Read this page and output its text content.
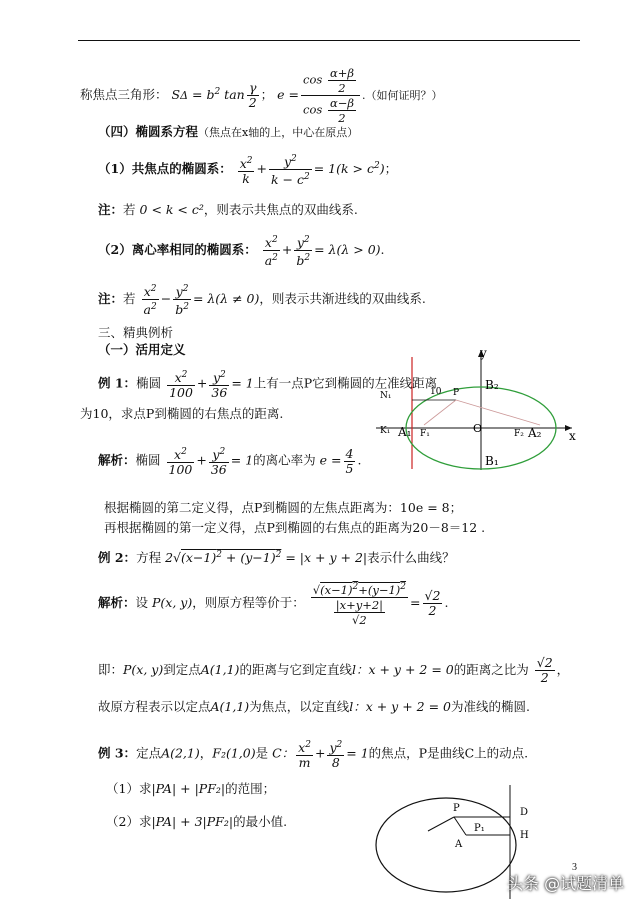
称焦点三角形： $S\Delta = b^2$ $\tan \frac{\gamma}{2}$ ； $e = \frac{\cos \frac{\alpha+\beta}{2}}{\cos \frac{\alpha-\beta}{2}}$ .（如何证明？）
（四）椭圆系方程（焦点在x轴的上，中心在原点）
（1）共焦点的椭圆系： $\frac{x^2}{k} + \frac{y^2}{k - c^2} = 1(k > c^2)$；
注：若 0 < k < c²，则表示共焦点的双曲线系.
（2）离心率相同的椭圆系： $\frac{x^2}{a^2} + \frac{y^2}{b^2} = \lambda(\lambda > 0)$.
注：若 $\frac{x^2}{a^2} - \frac{y^2}{b^2} = \lambda(\lambda \ne 0)$，则表示共渐进线的双曲线系.
三、精典例析
（一）活用定义
例 1：椭圆 $\frac{x^2}{100} + \frac{y^2}{36} = 1$上有一点P它到椭圆的左准线距离
为10，求点P到椭圆的右焦点的距离.
解析：椭圆 $\frac{x^2}{100} + \frac{y^2}{36} = 1$的离心率为 $e = \frac{4}{5}$ .
根据椭圆的第二定义得，点P到椭圆的左焦点距离为：10e = 8；
再根据椭圆的第一定义得，点P到椭圆的右焦点的距离为20－8＝12 .
例 2：方程 $2√(x-1)^2 + (y-1)^2 = |x + y + 2|$表示什么曲线？
解析：设 P(x, y)，则原方程等价于： $\frac{√(x-1)^2+(y-1)^2}{\frac{|x+y+2|}{√2}} = \frac{√2}{2}$ .
即：P(x, y)到定点A(1,1)的距离与它到定直线l：x + y + 2 = 0的距离之比为 $\frac{√2}{2}$ ，
故原方程表示以定点A(1,1)为焦点，以定直线l：x + y + 2 = 0为准线的椭圆.
例 3：定点A(2,1)，F₂(1,0)是 C： $\frac{x^2}{m} + \frac{y^2}{8} = 1$的焦点，P是曲线C上的动点.
（1）求|PA| + |PF₂|的范围；
（2）求|PA| + 3|PF₂|的最小值.
y
x
B₂
B₁
A₁	A₂
F₁	F₂
O
N₁
K₁
P
10
P
P₁
A
D
H
3
头条 @试题清单
